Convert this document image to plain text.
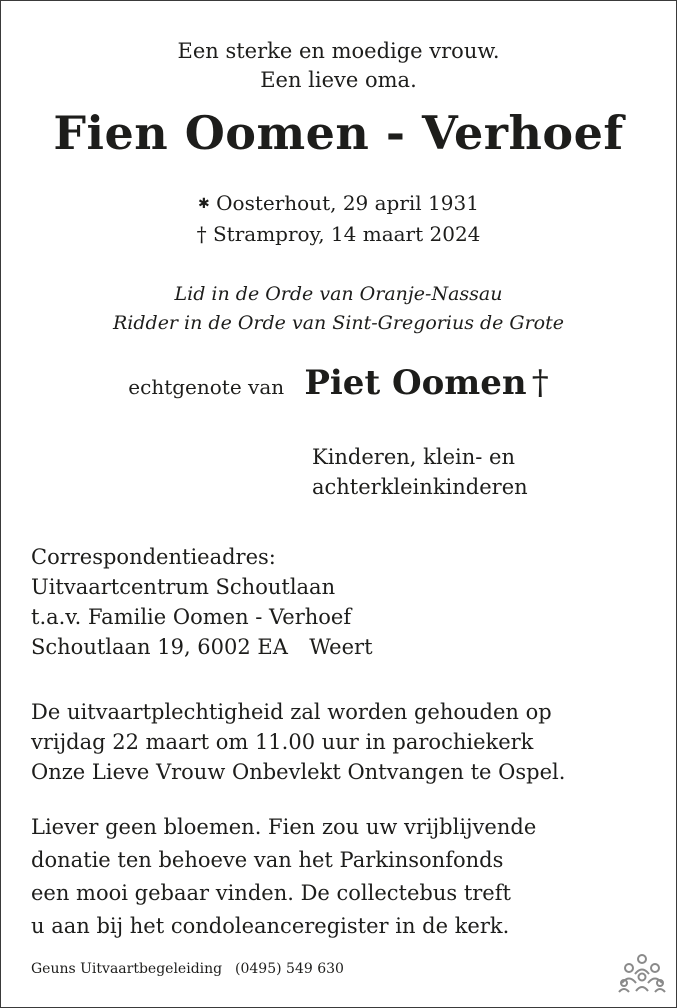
Een sterke en moedige vrouw.
Een lieve oma.
Fien Oomen - Verhoef
✱ Oosterhout, 29 april 1931
† Stramproy, 14 maart 2024
Lid in de Orde van Oranje-Nassau
Ridder in de Orde van Sint-Gregorius de Grote
echtgenote van Piet Oomen †
Kinderen, klein- en
achterkleinkinderen
Correspondentieadres:
Uitvaartcentrum Schoutlaan
t.a.v. Familie Oomen - Verhoef
Schoutlaan 19, 6002 EA Weert
De uitvaartplechtigheid zal worden gehouden op
vrijdag 22 maart om 11.00 uur in parochiekerk
Onze Lieve Vrouw Onbevlekt Ontvangen te Ospel.
Liever geen bloemen. Fien zou uw vrijblijvende
donatie ten behoeve van het Parkinsonfonds
een mooi gebaar vinden. De collectebus treft
u aan bij het condoleanceregister in de kerk.
Geuns Uitvaartbegeleiding (0495) 549 630
